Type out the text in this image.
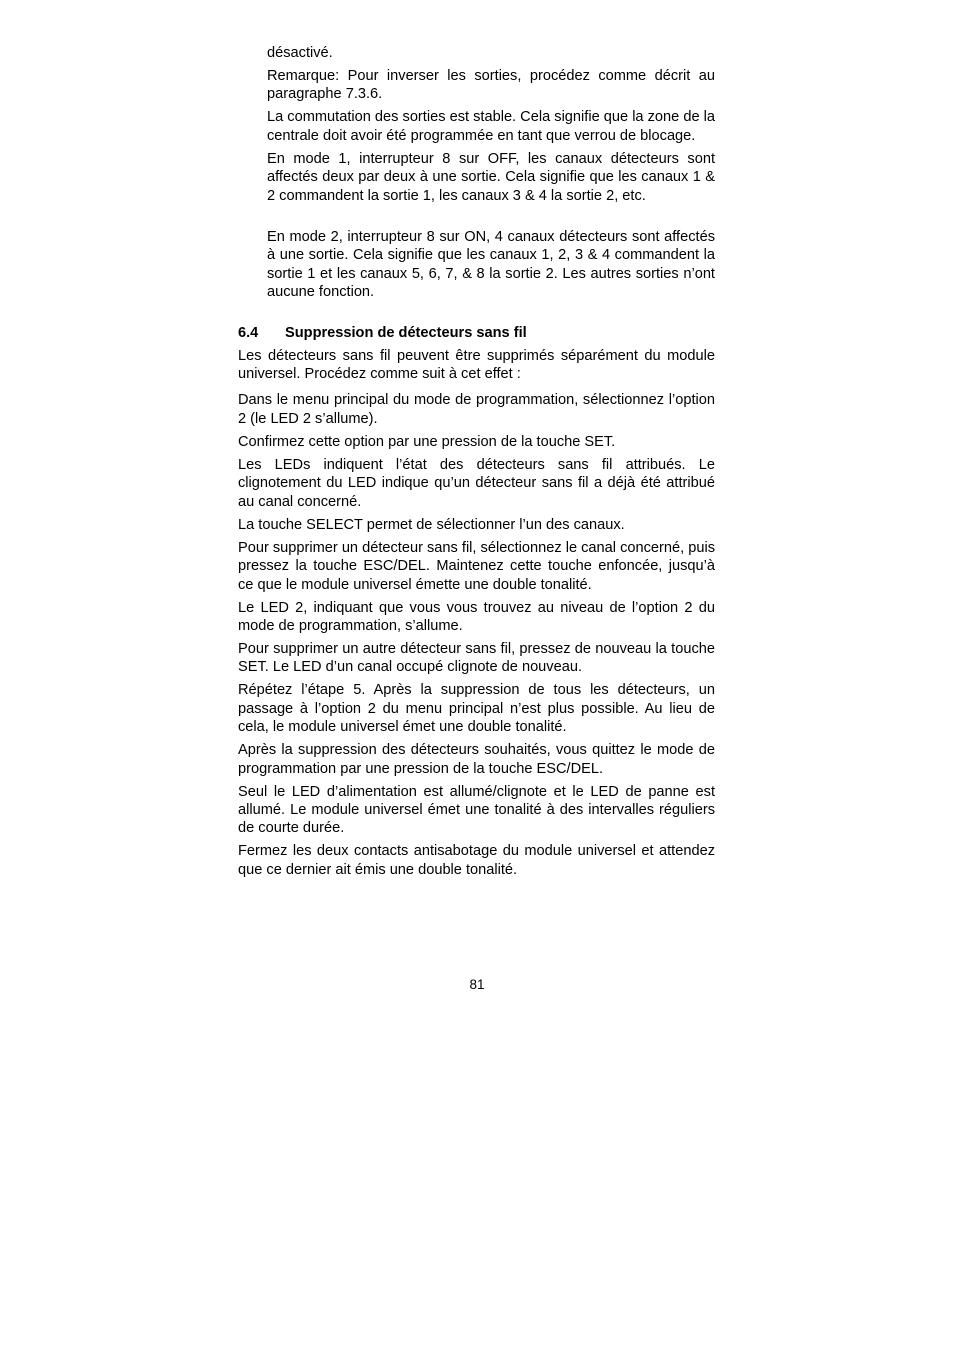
désactivé.

Remarque: Pour inverser les sorties, procédez comme décrit au paragraphe 7.3.6.

La commutation des sorties est stable. Cela signifie que la zone de la centrale doit avoir été programmée en tant que verrou de blocage.

En mode 1, interrupteur 8 sur OFF, les canaux détecteurs sont affectés deux par deux à une sortie. Cela signifie que les canaux 1 & 2 commandent la sortie 1, les canaux 3 & 4 la sortie 2, etc.

En mode 2, interrupteur 8 sur ON, 4 canaux détecteurs sont affectés à une sortie. Cela signifie que les canaux 1, 2, 3 & 4 commandent la sortie 1 et les canaux 5, 6, 7, & 8 la sortie 2. Les autres sorties n’ont aucune fonction.

6.4	Suppression de détecteurs sans fil

Les détecteurs sans fil peuvent être supprimés séparément du module universel. Procédez comme suit à cet effet :

Dans le menu principal du mode de programmation, sélectionnez l’option 2 (le LED 2 s’allume).

Confirmez cette option par une pression de la touche SET.

Les LEDs indiquent l’état des détecteurs sans fil attribués. Le clignotement du LED indique qu’un détecteur sans fil a déjà été attribué au canal concerné.

La touche SELECT permet de sélectionner l’un des canaux.

Pour supprimer un détecteur sans fil, sélectionnez le canal concerné, puis pressez la touche ESC/DEL. Maintenez cette touche enfoncée, jusqu’à ce que le module universel émette une double tonalité.

Le LED 2, indiquant que vous vous trouvez au niveau de l’option 2 du mode de programmation, s’allume.

Pour supprimer un autre détecteur sans fil, pressez de nouveau la touche SET. Le LED d’un canal occupé clignote de nouveau.

Répétez l’étape 5. Après la suppression de tous les détecteurs, un passage à l’option 2 du menu principal n’est plus possible. Au lieu de cela, le module universel émet une double tonalité.

Après la suppression des détecteurs souhaités, vous quittez le mode de programmation par une pression de la touche ESC/DEL.

Seul le LED d’alimentation est allumé/clignote et le LED de panne est allumé. Le module universel émet une tonalité à des intervalles réguliers de courte durée.

Fermez les deux contacts antisabotage du module universel et attendez que ce dernier ait émis une double tonalité.

81
